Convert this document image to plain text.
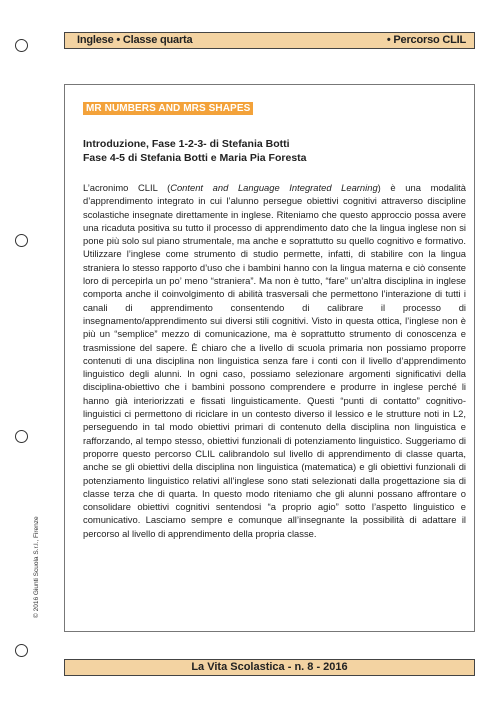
Inglese • Classe quarta	• Percorso CLIL
MR NUMBERS AND MRS SHAPES
Introduzione, Fase 1-2-3- di Stefania Botti
Fase 4-5 di Stefania Botti e Maria Pia Foresta
L’acronimo CLIL (Content and Language Integrated Learning) è una modalità d’apprendimento integrato in cui l’alunno persegue obiettivi cognitivi attraverso discipline scolastiche insegnate direttamente in inglese. Riteniamo che questo approccio possa avere una ricaduta positiva su tutto il processo di apprendimento dato che la lingua inglese non si pone più solo sul piano strumentale, ma anche e soprattutto su quello cognitivo e formativo. Utilizzare l’inglese come strumento di studio permette, infatti, di stabilire con la lingua straniera lo stesso rapporto d’uso che i bambini hanno con la lingua materna e ciò consente loro di percepirla un po’ meno “straniera”. Ma non è tutto, “fare” un’altra disciplina in inglese comporta anche il coinvolgimento di abilità trasversali che permettono l’interazione di tutti i canali di apprendimento consentendo di calibrare il processo di insegnamento/apprendimento sui diversi stili cognitivi. Visto in questa ottica, l’inglese non è più un “semplice” mezzo di comunicazione, ma è soprattutto strumento di conoscenza e trasmissione del sapere. È chiaro che a livello di scuola primaria non possiamo proporre contenuti di una disciplina non linguistica senza fare i conti con il livello d’apprendimento linguistico degli alunni. In ogni caso, possiamo selezionare argomenti significativi della disciplina-obiettivo che i bambini possono comprendere e produrre in inglese perché li hanno già interiorizzati e fissati linguisticamente. Questi “punti di contatto” cognitivo-linguistici ci permettono di riciclare in un contesto diverso il lessico e le strutture noti in L2, perseguendo in tal modo obiettivi primari di contenuto della disciplina non linguistica e rafforzando, al tempo stesso, obiettivi funzionali di potenziamento linguistico. Suggeriamo di proporre questo percorso CLIL calibrandolo sul livello di apprendimento di classe quarta, anche se gli obiettivi della disciplina non linguistica (matematica) e gli obiettivi funzionali di potenziamento linguistico relativi all’inglese sono stati selezionati dalla progettazione sia di classe terza che di quarta. In questo modo riteniamo che gli alunni possano affrontare o consolidare obiettivi cognitivi sentendosi “a proprio agio” sotto l’aspetto linguistico e comunicativo. Lasciamo sempre e comunque all’insegnante la possibilità di adattare il percorso al livello di apprendimento della propria classe.
© 2016 Giunti Scuola S.r.l., Firenze
La Vita Scolastica - n. 8 - 2016
